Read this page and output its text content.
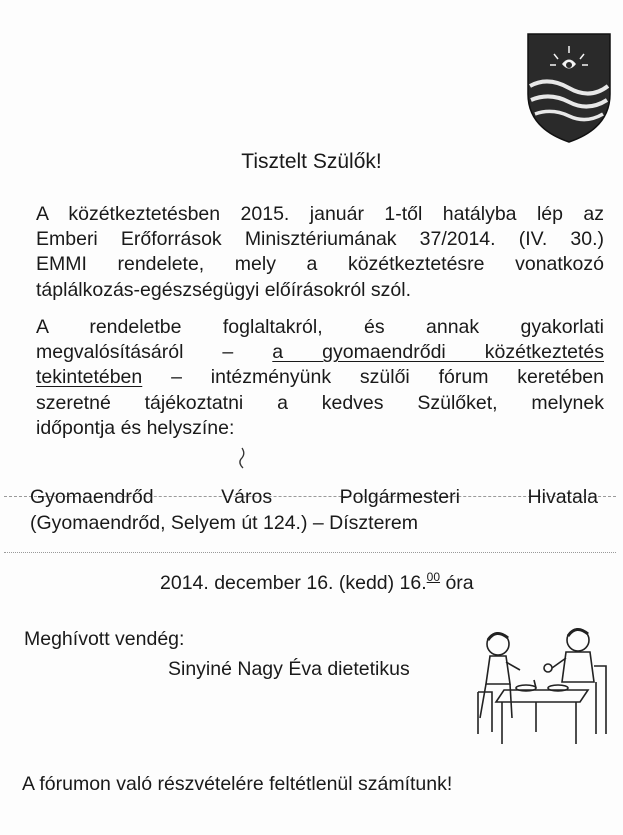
Tisztelt Szülők!
A közétkeztetésben 2015. január 1-től hatályba lép az
Emberi Erőforrások Minisztériumának 37/2014. (IV. 30.)
EMMI rendelete, mely a közétkeztetésre vonatkozó
táplálkozás-egészségügyi előírásokról szól.
A rendeletbe foglaltakról, és annak gyakorlati
megvalósításáról – a gyomaendrődi közétkeztetés
tekintetében – intézményünk szülői fórum keretében
szeretné tájékoztatni a kedves Szülőket, melynek
időpontja és helyszíne:
Gyomaendrőd Város Polgármesteri Hivatala
(Gyomaendrőd, Selyem út 124.) – Díszterem
2014. december 16. (kedd) 16.00 óra
Meghívott vendég:
Sinyiné Nagy Éva dietetikus
A fórumon való részvételére feltétlenül számítunk!
